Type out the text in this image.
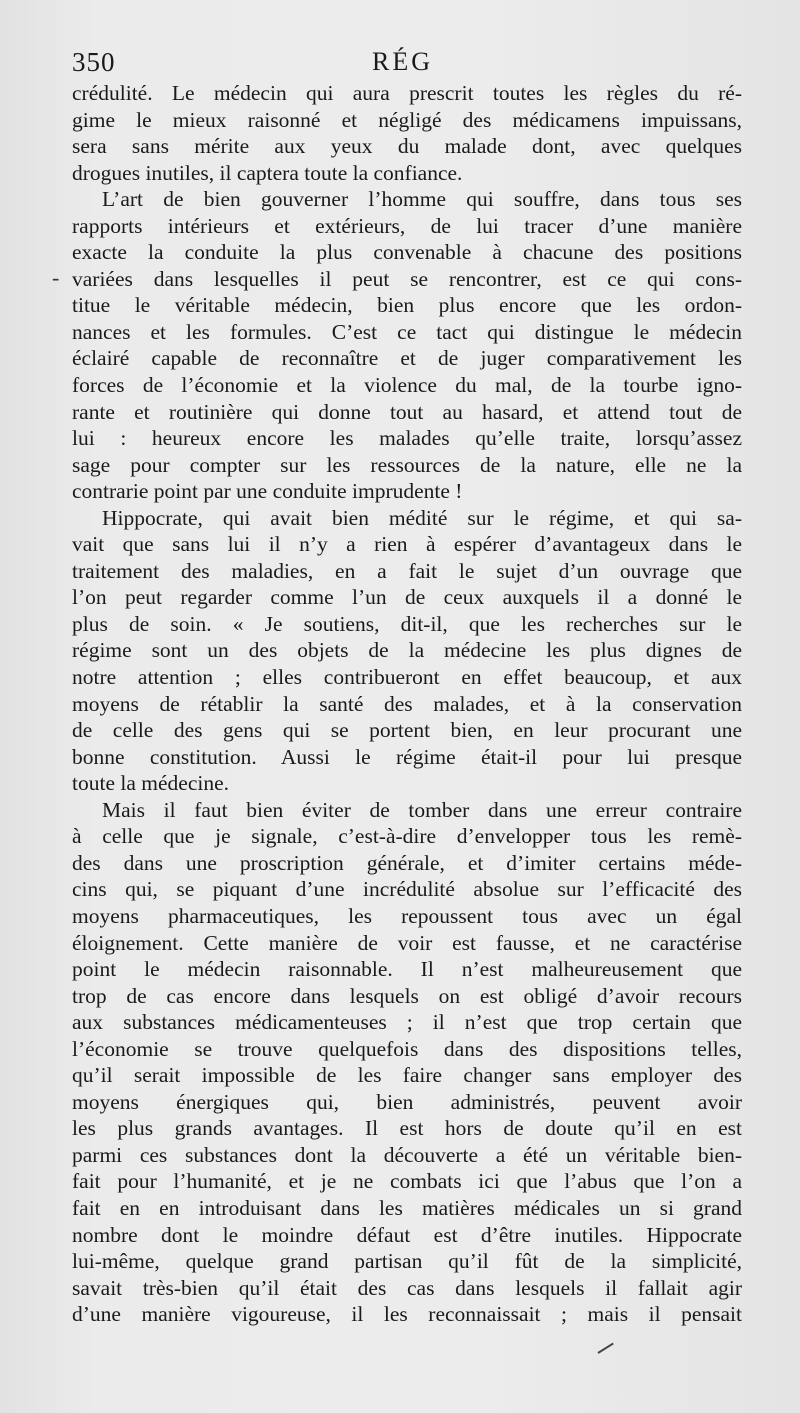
350	RÉG
crédulité. Le médecin qui aura prescrit toutes les règles du ré-
gime le mieux raisonné et négligé des médicamens impuissans,
sera sans mérite aux yeux du malade dont, avec quelques
drogues inutiles, il captera toute la confiance.
L’art de bien gouverner l’homme qui souffre, dans tous ses
rapports intérieurs et extérieurs, de lui tracer d’une manière
exacte la conduite la plus convenable à chacune des positions
variées dans lesquelles il peut se rencontrer, est ce qui cons-
titue le véritable médecin, bien plus encore que les ordon-
nances et les formules. C’est ce tact qui distingue le médecin
éclairé capable de reconnaître et de juger comparativement les
forces de l’économie et la violence du mal, de la tourbe igno-
rante et routinière qui donne tout au hasard, et attend tout de
lui : heureux encore les malades qu’elle traite, lorsqu’assez
sage pour compter sur les ressources de la nature, elle ne la
contrarie point par une conduite imprudente !
Hippocrate, qui avait bien médité sur le régime, et qui sa-
vait que sans lui il n’y a rien à espérer d’avantageux dans le
traitement des maladies, en a fait le sujet d’un ouvrage que
l’on peut regarder comme l’un de ceux auxquels il a donné le
plus de soin. « Je soutiens, dit-il, que les recherches sur le
régime sont un des objets de la médecine les plus dignes de
notre attention ; elles contribueront en effet beaucoup, et aux
moyens de rétablir la santé des malades, et à la conservation
de celle des gens qui se portent bien, en leur procurant une
bonne constitution. Aussi le régime était-il pour lui presque
toute la médecine.
Mais il faut bien éviter de tomber dans une erreur contraire
à celle que je signale, c’est-à-dire d’envelopper tous les remè-
des dans une proscription générale, et d’imiter certains méde-
cins qui, se piquant d’une incrédulité absolue sur l’efficacité des
moyens pharmaceutiques, les repoussent tous avec un égal
éloignement. Cette manière de voir est fausse, et ne caractérise
point le médecin raisonnable. Il n’est malheureusement que
trop de cas encore dans lesquels on est obligé d’avoir recours
aux substances médicamenteuses ; il n’est que trop certain que
l’économie se trouve quelquefois dans des dispositions telles,
qu’il serait impossible de les faire changer sans employer des
moyens énergiques qui, bien administrés, peuvent avoir
les plus grands avantages. Il est hors de doute qu’il en est
parmi ces substances dont la découverte a été un véritable bien-
fait pour l’humanité, et je ne combats ici que l’abus que l’on a
fait en en introduisant dans les matières médicales un si grand
nombre dont le moindre défaut est d’être inutiles. Hippocrate
lui-même, quelque grand partisan qu’il fût de la simplicité,
savait très-bien qu’il était des cas dans lesquels il fallait agir
d’une manière vigoureuse, il les reconnaissait ; mais il pensait
-
